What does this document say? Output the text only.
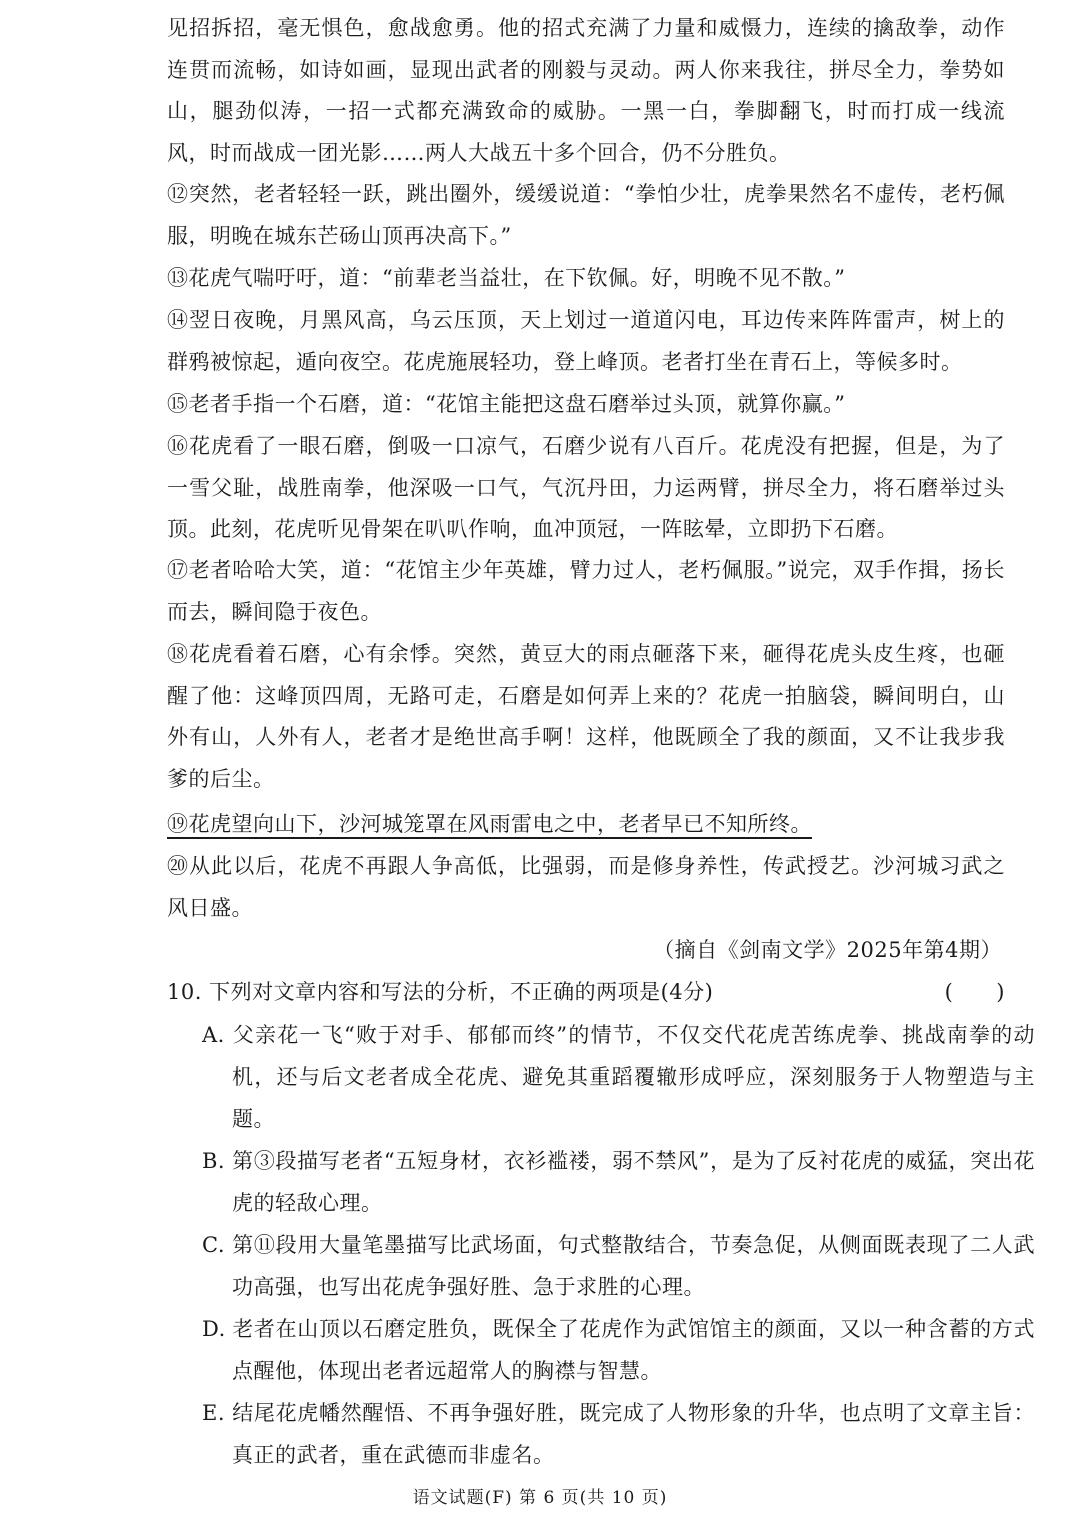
见招拆招，毫无惧色，愈战愈勇。他的招式充满了力量和威慑力，连续的擒敌拳，动作连贯而流畅，如诗如画，显现出武者的刚毅与灵动。两人你来我往，拼尽全力，拳势如山，腿劲似涛，一招一式都充满致命的威胁。一黑一白，拳脚翻飞，时而打成一线流风，时而战成一团光影……两人大战五十多个回合，仍不分胜负。

⑫突然，老者轻轻一跃，跳出圈外，缓缓说道：“拳怕少壮，虎拳果然名不虚传，老朽佩服，明晚在城东芒砀山顶再决高下。”

⑬花虎气喘吁吁，道：“前辈老当益壮，在下钦佩。好，明晚不见不散。”

⑭翌日夜晚，月黑风高，乌云压顶，天上划过一道道闪电，耳边传来阵阵雷声，树上的群鸦被惊起，遁向夜空。花虎施展轻功，登上峰顶。老者打坐在青石上，等候多时。

⑮老者手指一个石磨，道：“花馆主能把这盘石磨举过头顶，就算你赢。”

⑯花虎看了一眼石磨，倒吸一口凉气，石磨少说有八百斤。花虎没有把握，但是，为了一雪父耻，战胜南拳，他深吸一口气，气沉丹田，力运两臂，拼尽全力，将石磨举过头顶。此刻，花虎听见骨架在叭叭作响，血冲顶冠，一阵眩晕，立即扔下石磨。

⑰老者哈哈大笑，道：“花馆主少年英雄，臂力过人，老朽佩服。”说完，双手作揖，扬长而去，瞬间隐于夜色。

⑱花虎看着石磨，心有余悸。突然，黄豆大的雨点砸落下来，砸得花虎头皮生疼，也砸醒了他：这峰顶四周，无路可走，石磨是如何弄上来的？花虎一拍脑袋，瞬间明白，山外有山，人外有人，老者才是绝世高手啊！这样，他既顾全了我的颜面，又不让我步我爹的后尘。

⑲花虎望向山下，沙河城笼罩在风雨雷电之中，老者早已不知所终。

⑳从此以后，花虎不再跟人争高低，比强弱，而是修身养性，传武授艺。沙河城习武之风日盛。

（摘自《剑南文学》2025年第4期）

10. 下列对文章内容和写法的分析，不正确的两项是(4分)	(　　)

A. 父亲花一飞“败于对手、郁郁而终”的情节，不仅交代花虎苦练虎拳、挑战南拳的动机，还与后文老者成全花虎、避免其重蹈覆辙形成呼应，深刻服务于人物塑造与主题。

B. 第③段描写老者“五短身材，衣衫褴褛，弱不禁风”，是为了反衬花虎的威猛，突出花虎的轻敌心理。

C. 第⑪段用大量笔墨描写比武场面，句式整散结合，节奏急促，从侧面既表现了二人武功高强，也写出花虎争强好胜、急于求胜的心理。

D. 老者在山顶以石磨定胜负，既保全了花虎作为武馆馆主的颜面，又以一种含蓄的方式点醒他，体现出老者远超常人的胸襟与智慧。

E. 结尾花虎幡然醒悟、不再争强好胜，既完成了人物形象的升华，也点明了文章主旨：真正的武者，重在武德而非虚名。

语文试题(F) 第 6 页(共 10 页)
